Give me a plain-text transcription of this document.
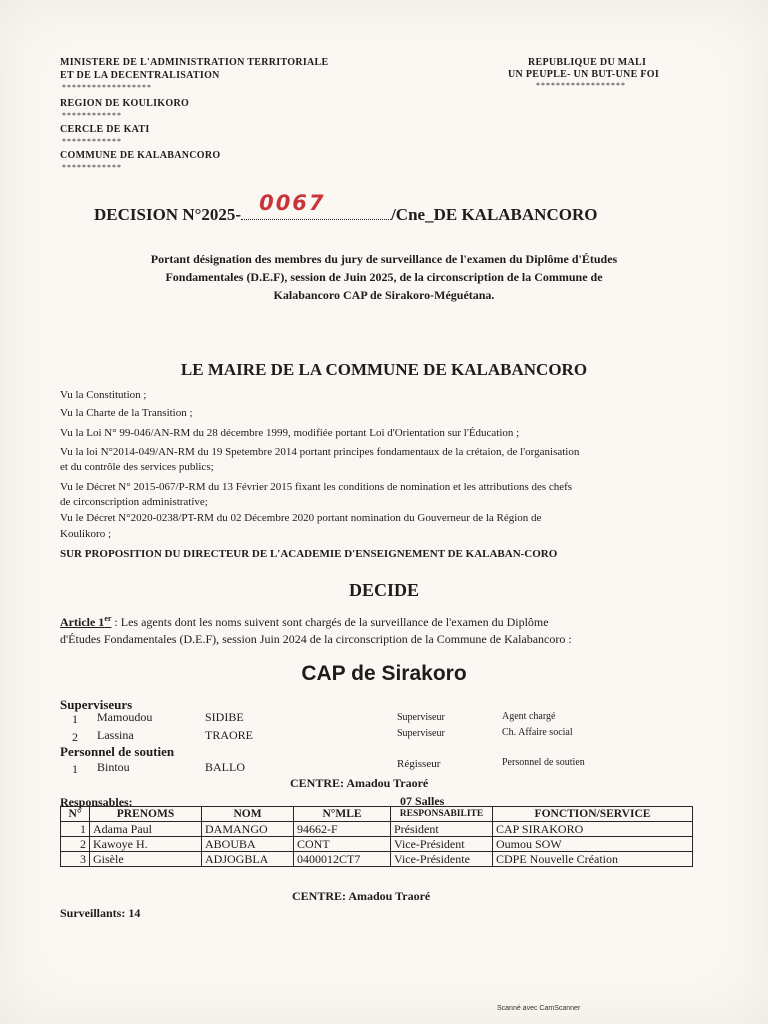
MINISTERE DE L'ADMINISTRATION TERRITORIALE
ET DE LA DECENTRALISATION
******************
REGION DE KOULIKORO
************
CERCLE DE KATI
************
COMMUNE DE KALABANCORO
************
REPUBLIQUE DU MALI
UN PEUPLE- UN BUT-UNE FOI
******************
DECISION N°2025- 0067	/Cne_DE KALABANCORO
Portant désignation des membres du jury de surveillance de l'examen du Diplôme d'Études
Fondamentales (D.E.F), session de Juin 2025, de la circonscription de la Commune de
Kalabancoro CAP de Sirakoro-Méguétana.
LE MAIRE DE LA COMMUNE DE KALABANCORO
Vu la Constitution ;
Vu la Charte de la Transition ;
Vu la Loi N° 99-046/AN-RM du 28 décembre 1999, modifiée portant Loi d'Orientation sur l'Éducation ;
Vu la loi N°2014-049/AN-RM du 19 Spetembre 2014 portant principes fondamentaux de la crétaion, de l'organisation
et du contrôle des services publics;
Vu le Décret N° 2015-067/P-RM du 13 Février 2015 fixant les conditions de nomination et les attributions des chefs
de circonscription administrative;
Vu le Décret N°2020-0238/PT-RM du 02 Décembre 2020 portant nomination du Gouverneur de la Région de
Koulikoro ;
SUR PROPOSITION DU DIRECTEUR DE L'ACADEMIE D'ENSEIGNEMENT DE KALABAN-CORO
DECIDE
Article 1er : Les agents dont les noms suivent sont chargés de la surveillance de l'examen du Diplôme
d'Études Fondamentales (D.E.F), session Juin 2024 de la circonscription de la Commune de Kalabancoro :
CAP de Sirakoro
Superviseurs
1 Mamoudou	SIDIBE	Superviseur	Agent chargé
2 Lassina	TRAORE	Superviseur	Ch. Affaire social
Personnel de soutien
1 Bintou	BALLO	Régisseur	Personnel de soutien
CENTRE: Amadou Traoré
Responsables:	07 Salles
N°	PRENOMS	NOM	N°MLE	RESPONSABILITE	FONCTION/SERVICE
1	Adama Paul	DAMANGO	94662-F	Président	CAP SIRAKORO
2	Kawoye H.	ABOUBA	CONT	Vice-Président	Oumou SOW
3	Gisèle	ADJOGBLA	0400012CT7	Vice-Présidente	CDPE Nouvelle Création
CENTRE: Amadou Traoré
Surveillants: 14
Scanné avec CamScanner
